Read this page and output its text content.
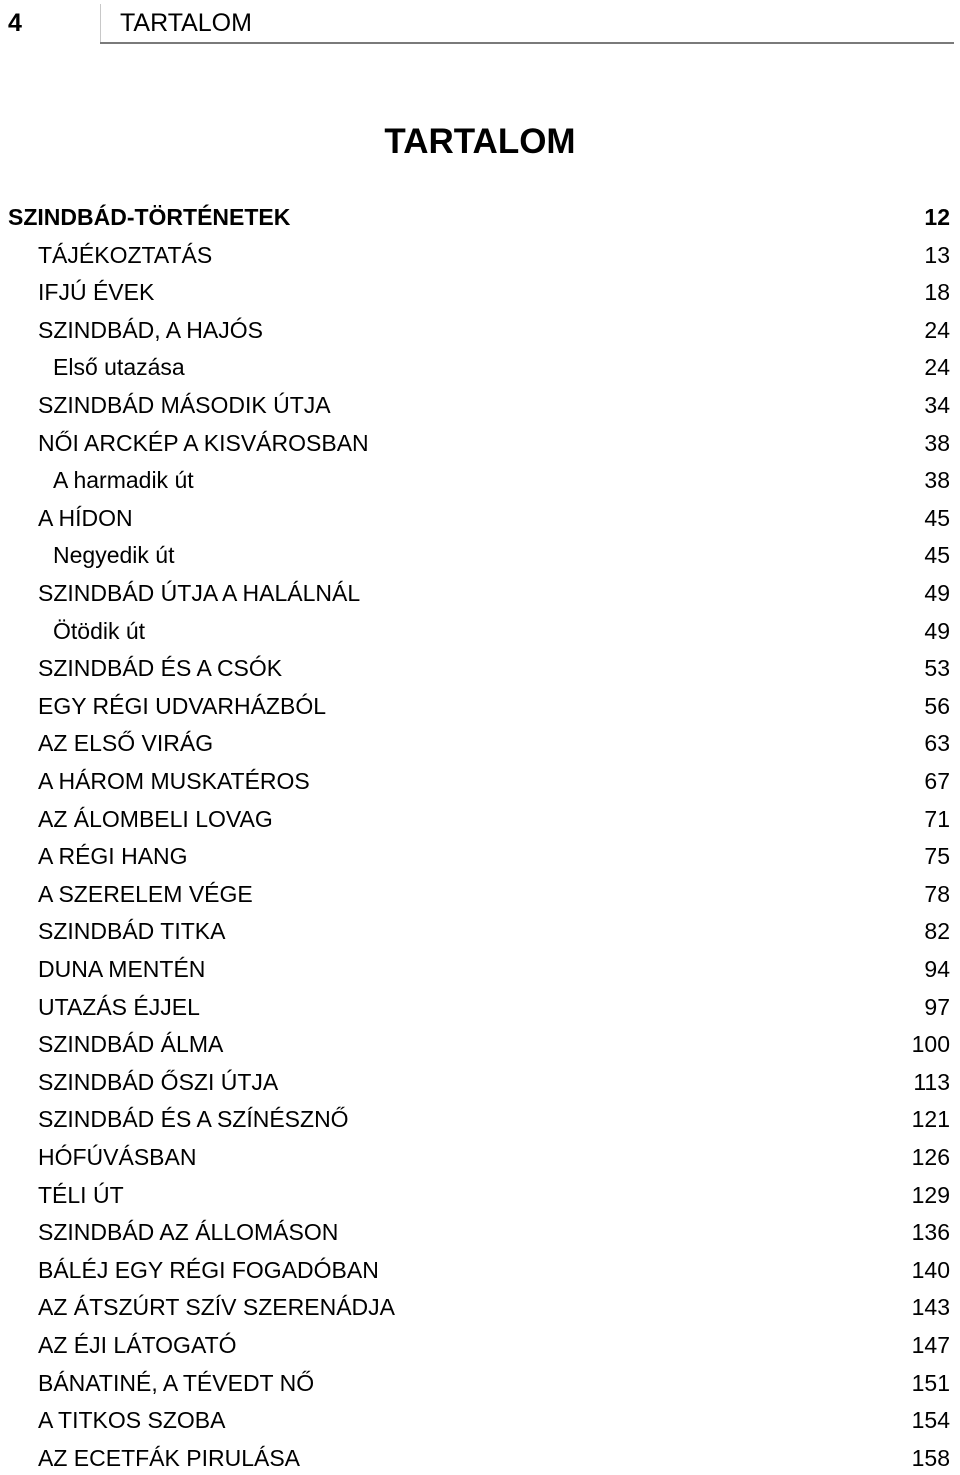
4	TARTALOM
TARTALOM
SZINDBÁD-TÖRTÉNETEK	12
TÁJÉKOZTATÁS	13
IFJÚ ÉVEK	18
SZINDBÁD, A HAJÓS	24
Első utazása	24
SZINDBÁD MÁSODIK ÚTJA	34
NŐI ARCKÉP A KISVÁROSBAN	38
A harmadik út	38
A HÍDON	45
Negyedik út	45
SZINDBÁD ÚTJA A HALÁLNÁL	49
Ötödik út	49
SZINDBÁD ÉS A CSÓK	53
EGY RÉGI UDVARHÁZBÓL	56
AZ ELSŐ VIRÁG	63
A HÁROM MUSKATÉROS	67
AZ ÁLOMBELI LOVAG	71
A RÉGI HANG	75
A SZERELEM VÉGE	78
SZINDBÁD TITKA	82
DUNA MENTÉN	94
UTAZÁS ÉJJEL	97
SZINDBÁD ÁLMA	100
SZINDBÁD ŐSZI ÚTJA	113
SZINDBÁD ÉS A SZÍNÉSZNŐ	121
HÓFÚVÁSBAN	126
TÉLI ÚT	129
SZINDBÁD AZ ÁLLOMÁSON	136
BÁLÉJ EGY RÉGI FOGADÓBAN	140
AZ ÁTSZÚRT SZÍV SZERENÁDJA	143
AZ ÉJI LÁTOGATÓ	147
BÁNATINÉ, A TÉVEDT NŐ	151
A TITKOS SZOBA	154
AZ ECETFÁK PIRULÁSA	158
